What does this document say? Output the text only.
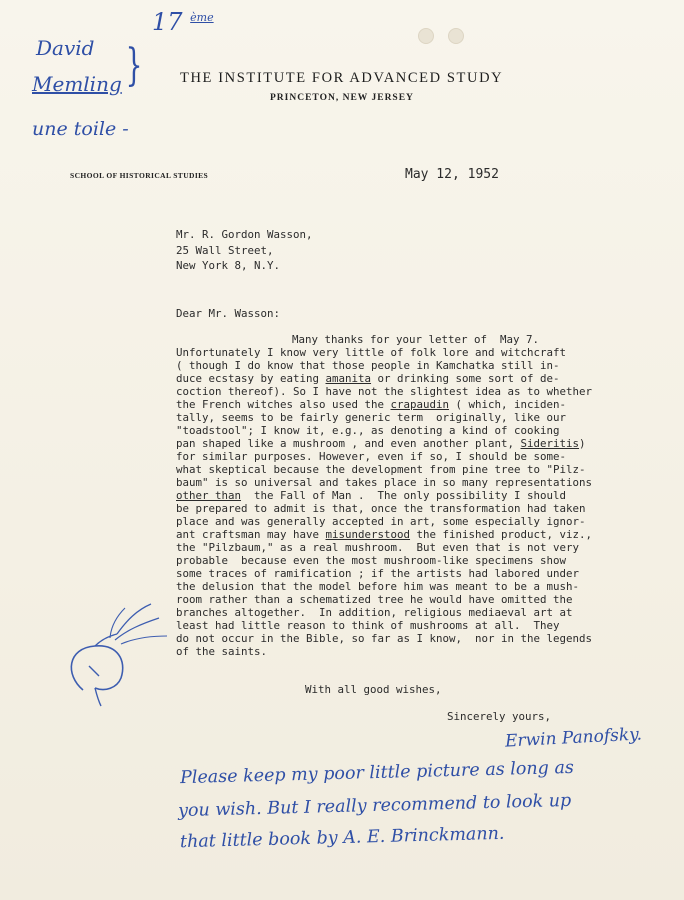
17 $^{ème}$
David
Memling }
une toile -
THE INSTITUTE FOR ADVANCED STUDY
PRINCETON, NEW JERSEY
SCHOOL OF HISTORICAL STUDIES	May 12, 1952
Mr. R. Gordon Wasson,
25 Wall Street,
New York 8, N.Y.
Dear Mr. Wasson:
Many thanks for your letter of  May 7.
Unfortunately I know very little of folk lore and witchcraft
( though I do know that those people in Kamchatka still in-
duce ecstasy by eating amanita or drinking some sort of de-
coction thereof). So I have not the slightest idea as to whether
the French witches also used the crapaudin ( which, inciden-
tally, seems to be fairly generic term  originally, like our
"toadstool"; I know it, e.g., as denoting a kind of cooking
pan shaped like a mushroom , and even another plant, Sideritis)
for similar purposes. However, even if so, I should be some-
what skeptical because the development from pine tree to "Pilz-
baum" is so universal and takes place in so many representations
other than  the Fall of Man .  The only possibility I should
be prepared to admit is that, once the transformation had taken
place and was generally accepted in art, some especially ignor-
ant craftsman may have misunderstood the finished product, viz.,
the "Pilzbaum," as a real mushroom.  But even that is not very
probable  because even the most mushroom-like specimens show
some traces of ramification ; if the artists had labored under
the delusion that the model before him was meant to be a mush-
room rather than a schematized tree he would have omitted the
branches altogether.  In addition, religious mediaeval art at
least had little reason to think of mushrooms at all.  They
do not occur in the Bible, so far as I know,  nor in the legends
of the saints.
With all good wishes,
Sincerely yours,
Erwin Panofsky.
Please keep my poor little picture as long as
you wish. But I really recommend to look up
that little book by A. E. Brinckmann.
